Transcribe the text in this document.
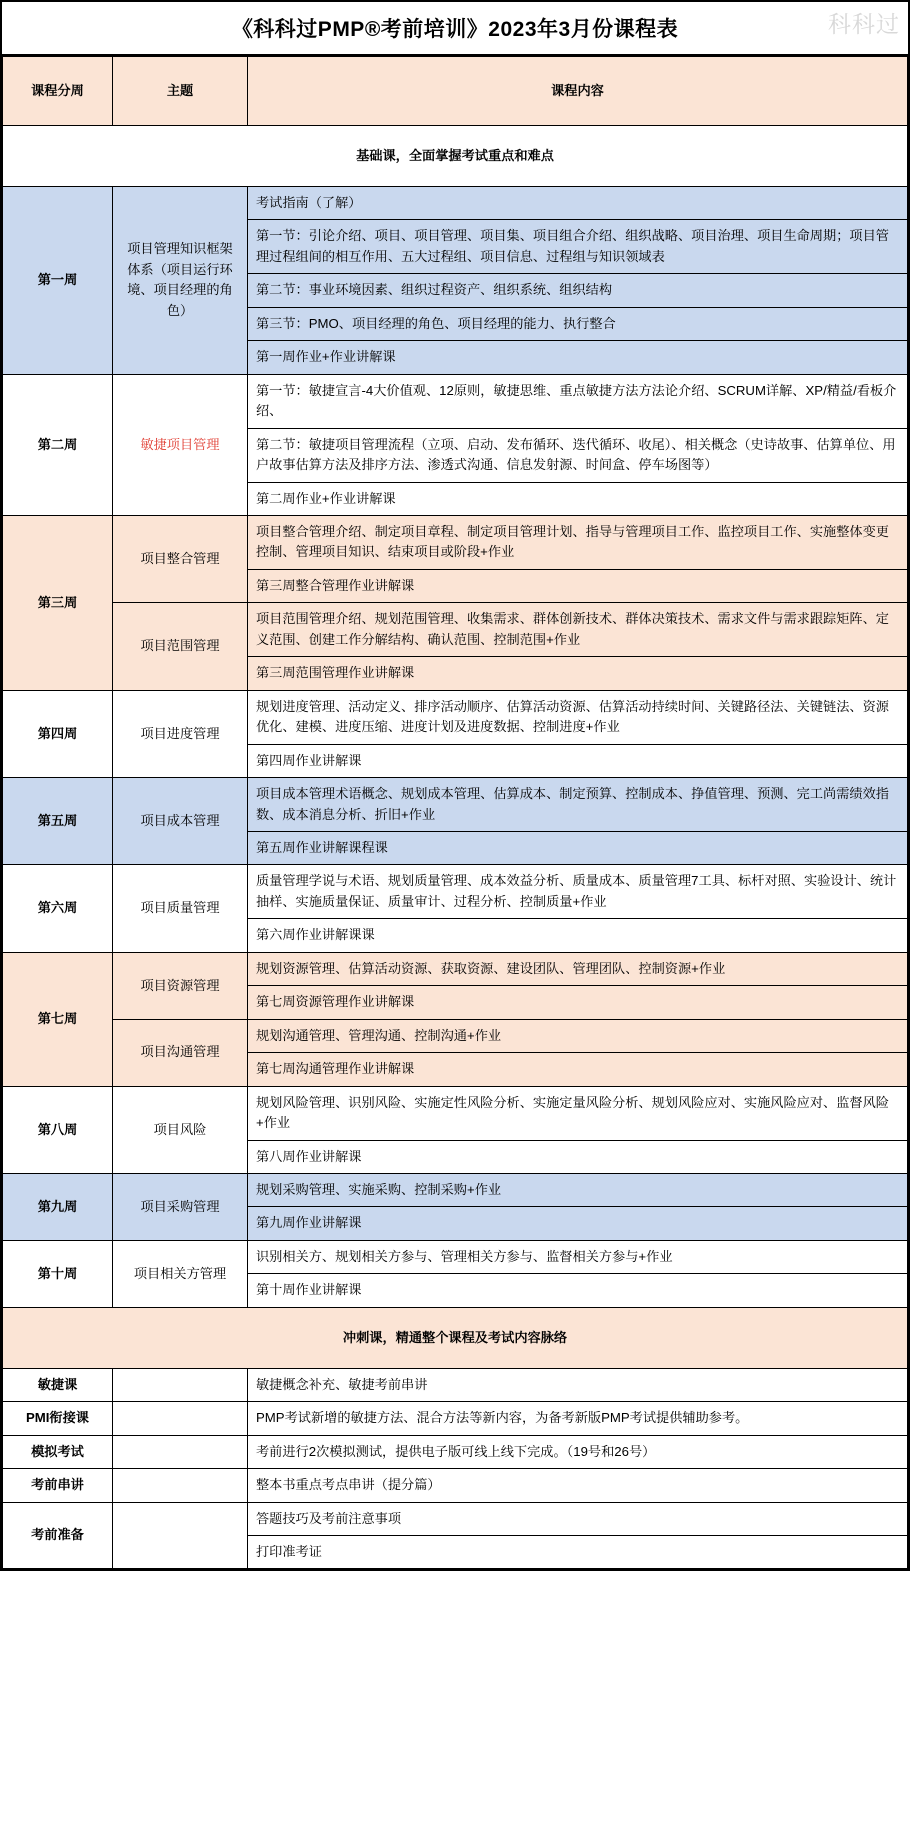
《科科过PMP®考前培训》2023年3月份课程表	科科过
课程分周	主题	课程内容
基础课，全面掌握考试重点和难点		
第一周	项目管理知识框架体系（项目运行环境、项目经理的角色）	考试指南（了解）
		第一节：引论介绍、项目、项目管理、项目集、项目组合介绍、组织战略、项目治理、项目生命周期；项目管理过程组间的相互作用、五大过程组、项目信息、过程组与知识领域表
		第二节：事业环境因素、组织过程资产、组织系统、组织结构
		第三节：PMO、项目经理的角色、项目经理的能力、执行整合
		第一周作业+作业讲解课
第二周	敏捷项目管理	第一节：敏捷宣言-4大价值观、12原则，敏捷思维、重点敏捷方法方法论介绍、SCRUM详解、XP/精益/看板介绍、
		第二节：敏捷项目管理流程（立项、启动、发布循环、迭代循环、收尾）、相关概念（史诗故事、估算单位、用户故事估算方法及排序方法、渗透式沟通、信息发射源、时间盒、停车场图等）
		第二周作业+作业讲解课
第三周	项目整合管理	项目整合管理介绍、制定项目章程、制定项目管理计划、指导与管理项目工作、监控项目工作、实施整体变更控制、管理项目知识、结束项目或阶段+作业
		第三周整合管理作业讲解课
	项目范围管理	项目范围管理介绍、规划范围管理、收集需求、群体创新技术、群体决策技术、需求文件与需求跟踪矩阵、定义范围、创建工作分解结构、确认范围、控制范围+作业
		第三周范围管理作业讲解课
第四周	项目进度管理	规划进度管理、活动定义、排序活动顺序、估算活动资源、估算活动持续时间、关键路径法、关键链法、资源优化、建模、进度压缩、进度计划及进度数据、控制进度+作业
		第四周作业讲解课
第五周	项目成本管理	项目成本管理术语概念、规划成本管理、估算成本、制定预算、控制成本、挣值管理、预测、完工尚需绩效指数、成本消息分析、折旧+作业
		第五周作业讲解课程课
第六周	项目质量管理	质量管理学说与术语、规划质量管理、成本效益分析、质量成本、质量管理7工具、标杆对照、实验设计、统计抽样、实施质量保证、质量审计、过程分析、控制质量+作业
		第六周作业讲解课课
第七周	项目资源管理	规划资源管理、估算活动资源、获取资源、建设团队、管理团队、控制资源+作业
		第七周资源管理作业讲解课
	项目沟通管理	规划沟通管理、管理沟通、控制沟通+作业
		第七周沟通管理作业讲解课
第八周	项目风险	规划风险管理、识别风险、实施定性风险分析、实施定量风险分析、规划风险应对、实施风险应对、监督风险+作业
		第八周作业讲解课
第九周	项目采购管理	规划采购管理、实施采购、控制采购+作业
		第九周作业讲解课
第十周	项目相关方管理	识别相关方、规划相关方参与、管理相关方参与、监督相关方参与+作业
		第十周作业讲解课
冲刺课，精通整个课程及考试内容脉络		
敏捷课		敏捷概念补充、敏捷考前串讲
PMI衔接课		PMP考试新增的敏捷方法、混合方法等新内容，为备考新版PMP考试提供辅助参考。
模拟考试		考前进行2次模拟测试，提供电子版可线上线下完成。（19号和26号）
考前串讲		整本书重点考点串讲（提分篇）
考前准备		答题技巧及考前注意事项
		打印准考证
